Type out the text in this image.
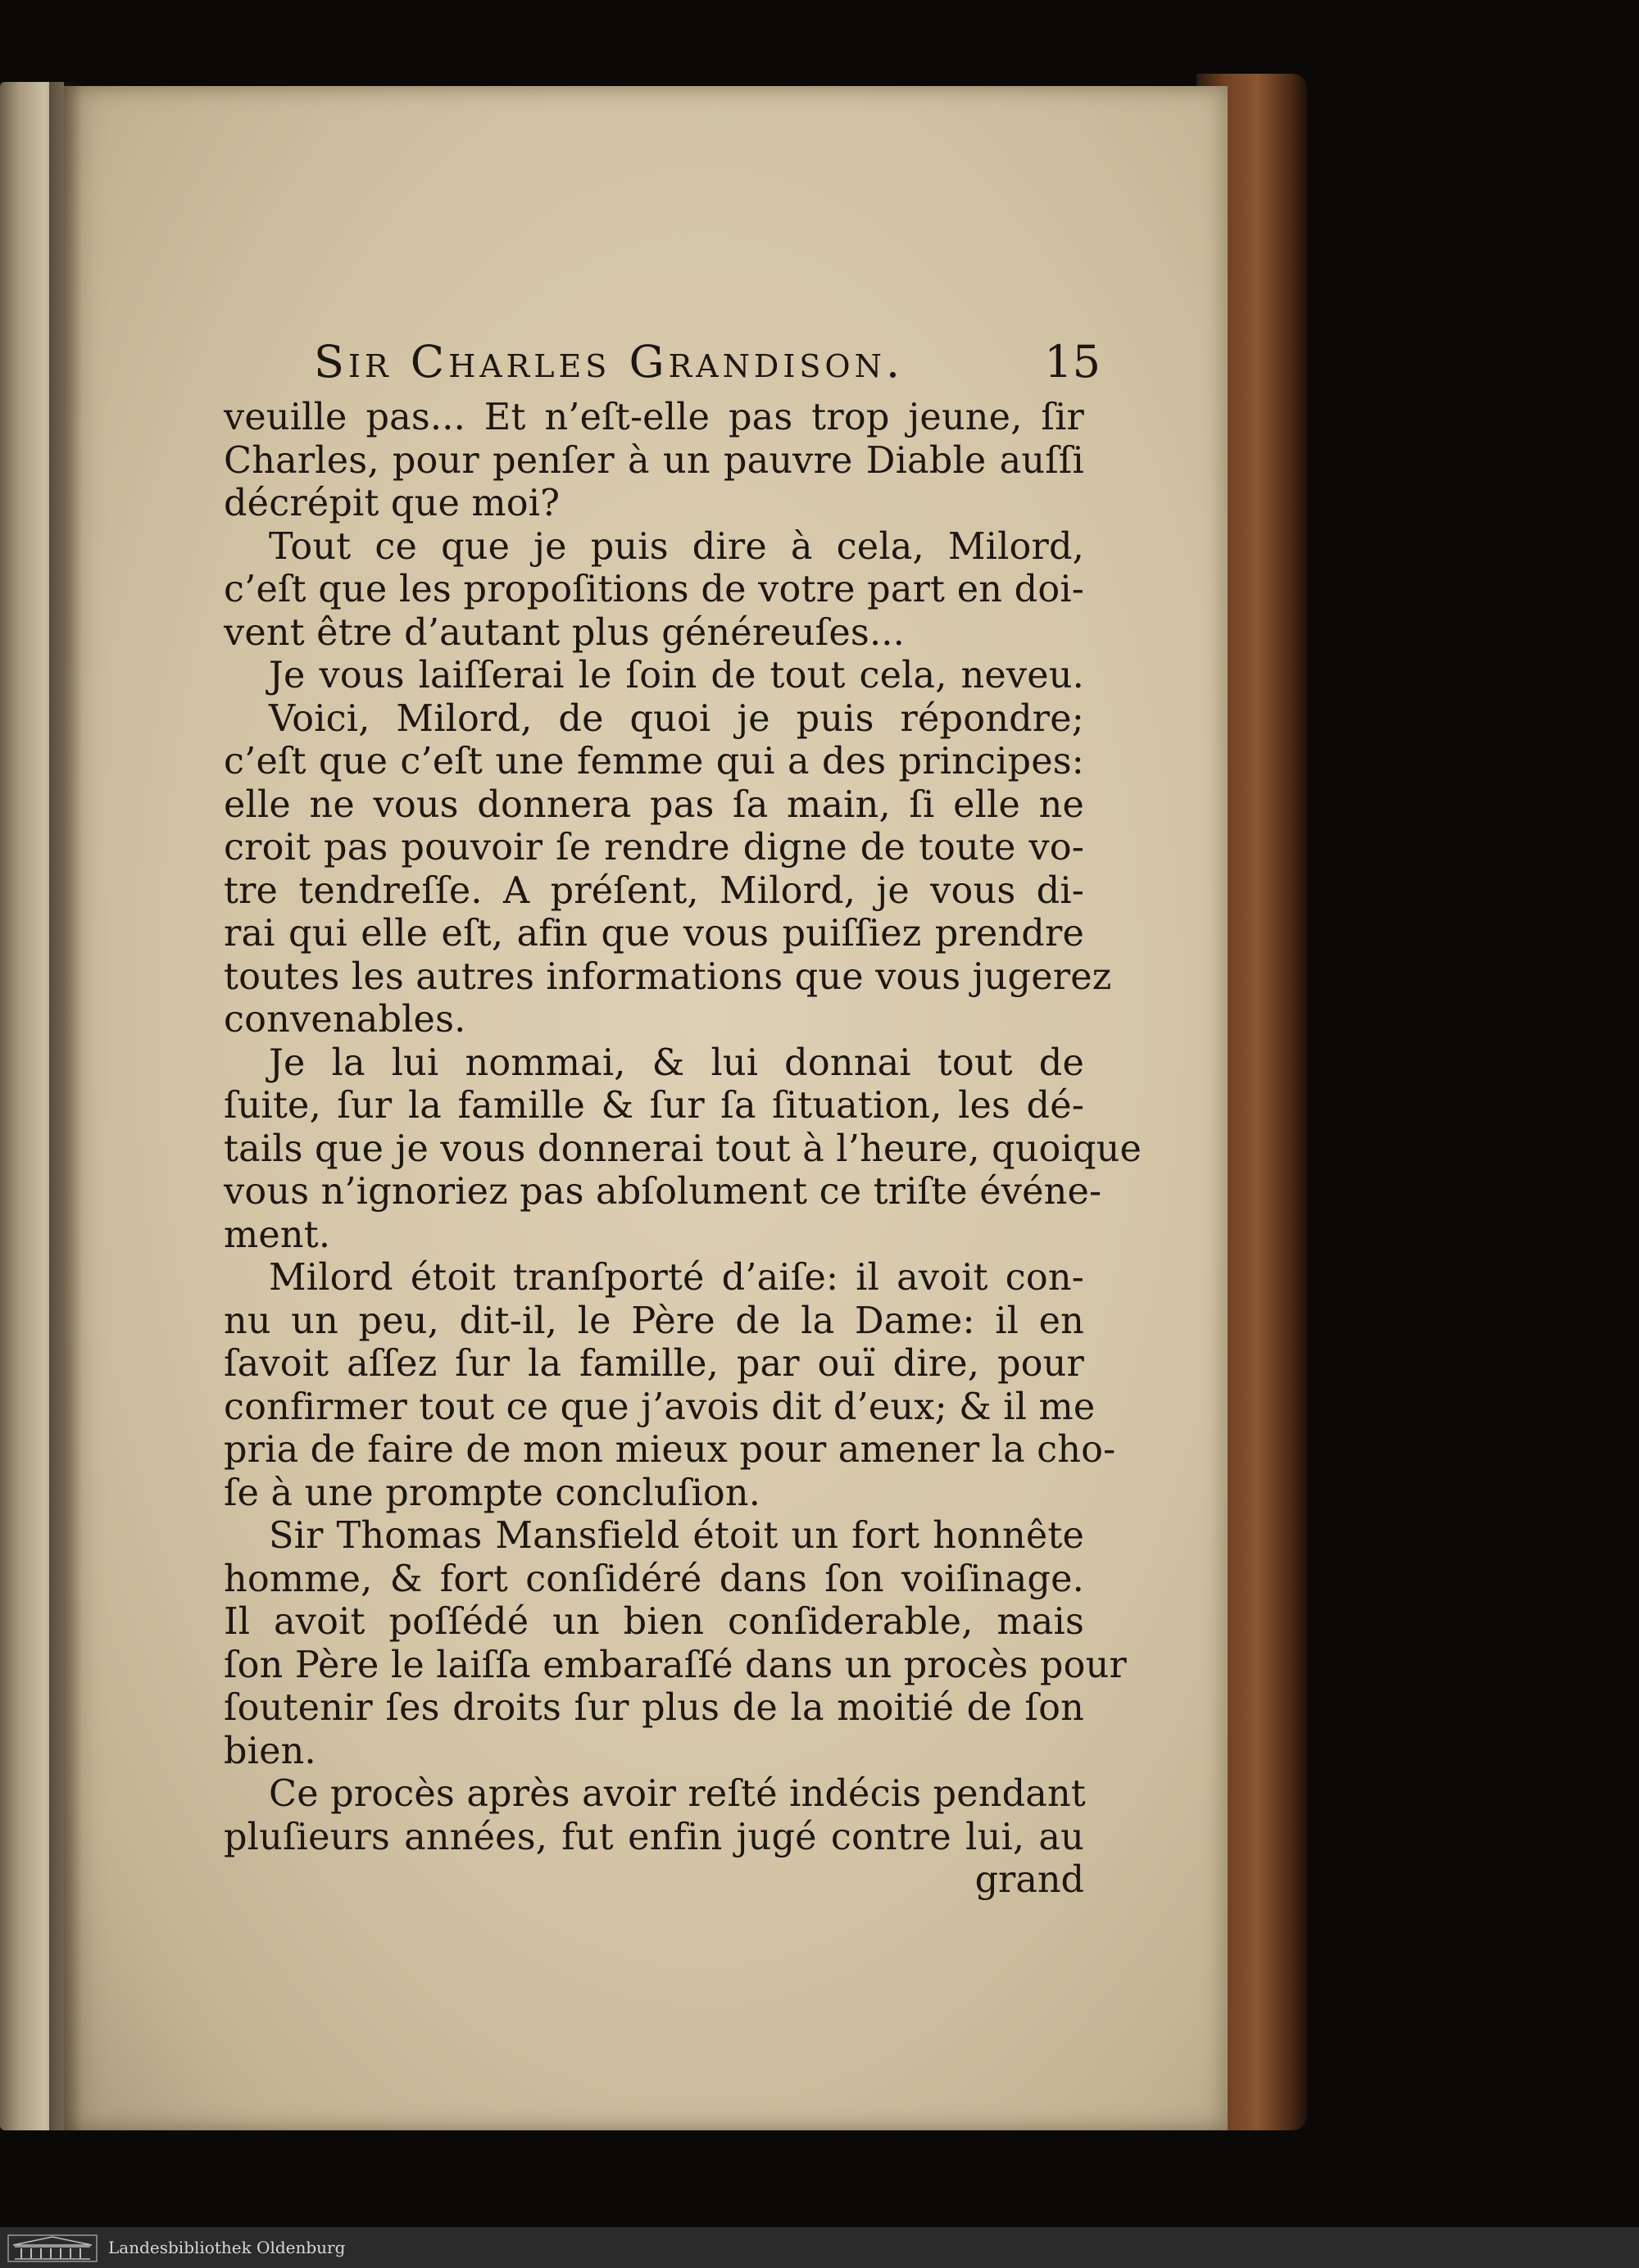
Sir Charles Grandison.	15
veuille pas... Et n’eſt-elle pas trop jeune, ſir
Charles, pour penſer à un pauvre Diable auſſi
décrépit que moi?
Tout ce que je puis dire à cela, Milord,
c’eſt que les propoſitions de votre part en doi-
vent être d’autant plus généreuſes...
Je vous laiſſerai le ſoin de tout cela, neveu.
Voici, Milord, de quoi je puis répondre;
c’eſt que c’eſt une femme qui a des principes:
elle ne vous donnera pas ſa main, ſi elle ne
croit pas pouvoir ſe rendre digne de toute vo-
tre tendreſſe. A préſent, Milord, je vous di-
rai qui elle eſt, afin que vous puiſſiez prendre
toutes les autres informations que vous jugerez
convenables.
Je la lui nommai, & lui donnai tout de
ſuite, ſur la famille & ſur ſa ſituation, les dé-
tails que je vous donnerai tout à l’heure, quoique
vous n’ignoriez pas abſolument ce triſte événe-
ment.
Milord étoit tranſporté d’aiſe: il avoit con-
nu un peu, dit-il, le Père de la Dame: il en
ſavoit aſſez ſur la famille, par ouï dire, pour
confirmer tout ce que j’avois dit d’eux; & il me
pria de faire de mon mieux pour amener la cho-
ſe à une prompte concluſion.
Sir Thomas Mansfield étoit un fort honnête
homme, & fort conſidéré dans ſon voiſinage.
Il avoit poſſédé un bien conſiderable, mais
ſon Père le laiſſa embaraſſé dans un procès pour
ſoutenir ſes droits ſur plus de la moitié de ſon
bien.
Ce procès après avoir reſté indécis pendant
pluſieurs années, fut enfin jugé contre lui, au
grand
Landesbibliothek Oldenburg
